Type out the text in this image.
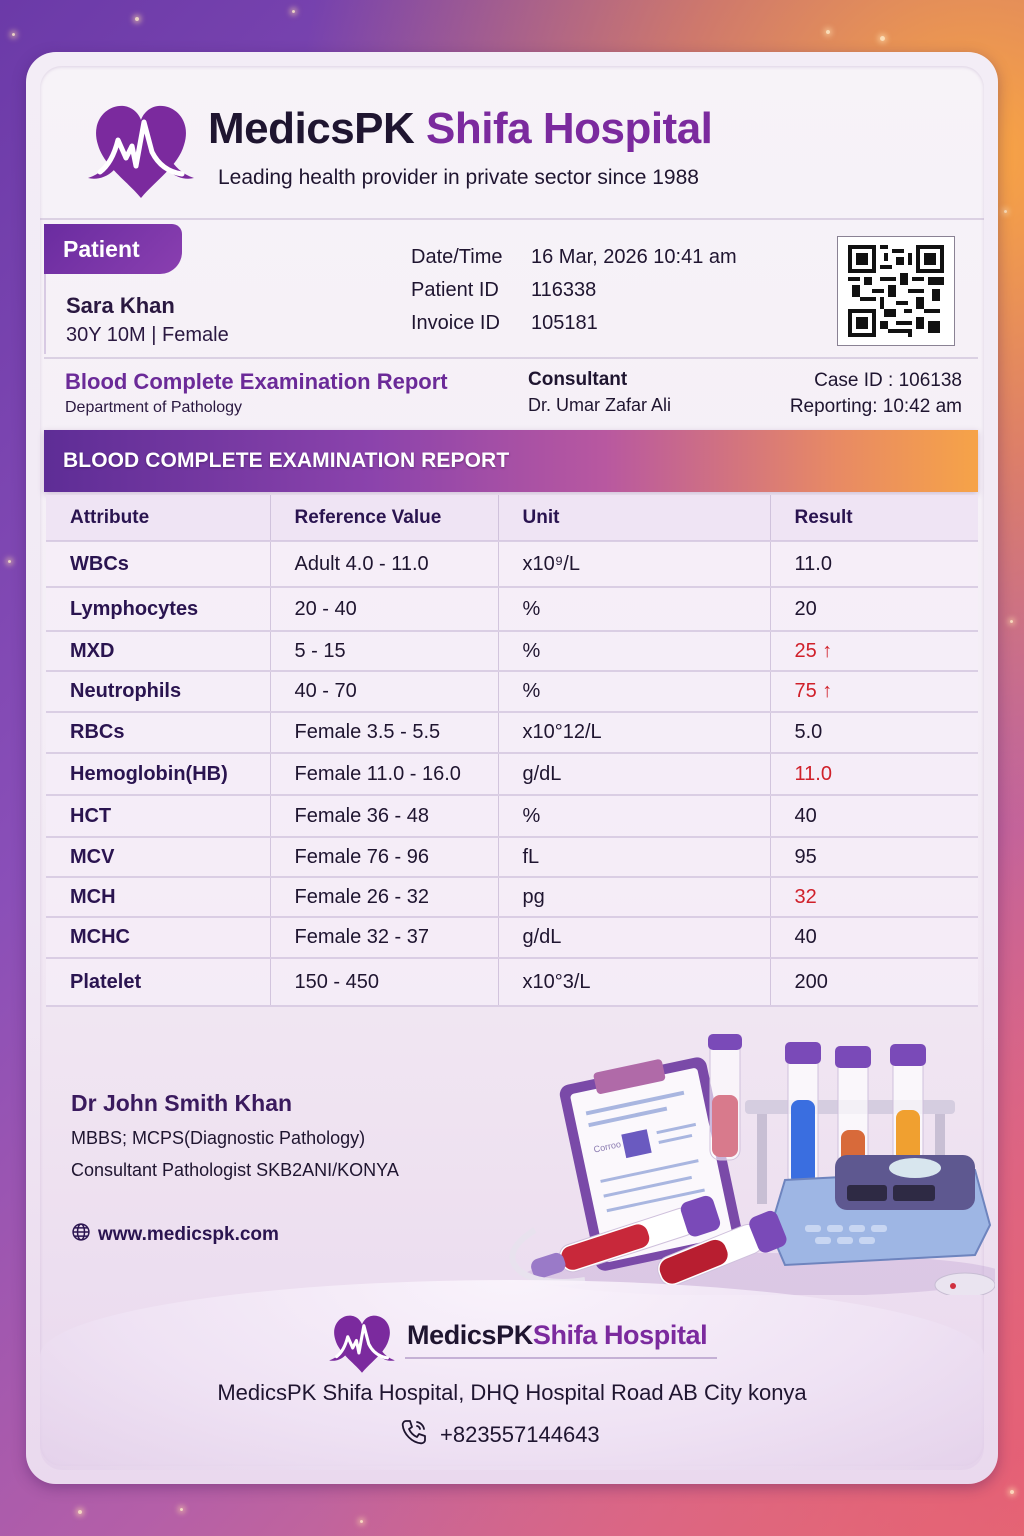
MedicsPK Shifa Hospital
Leading health provider in private sector since 1988
Patient
Sara Khan
30Y 10M | Female
Date/Time	16 Mar, 2026 10:41 am
Patient ID	116338
Invoice ID	105181
Blood Complete Examination Report
Department of Pathology
Consultant
Dr. Umar Zafar Ali
Case ID : 106138
Reporting: 10:42 am
BLOOD COMPLETE EXAMINATION REPORT
Attribute	Reference Value	Unit	Result
WBCs	Adult 4.0 - 11.0	x10⁹/L	11.0
Lymphocytes	20 - 40	%	20
MXD	5 - 15	%	25 ↑
Neutrophils	40 - 70	%	75 ↑
RBCs	Female 3.5 - 5.5	x10°12/L	5.0
Hemoglobin(HB)	Female 11.0 - 16.0	g/dL	11.0
HCT	Female 36 - 48	%	40
MCV	Female 76 - 96	fL	95
MCH	Female 26 - 32	pg	32
MCHC	Female 32 - 37	g/dL	40
Platelet	150 - 450	x10°3/L	200
Dr John Smith Khan
MBBS; MCPS(Diagnostic Pathology)
Consultant Pathologist SKB2ANI/KONYA
www.medicspk.com
Corroo
MedicsPKShifa Hospital
MedicsPK Shifa Hospital, DHQ Hospital Road AB City konya
+823557144643
